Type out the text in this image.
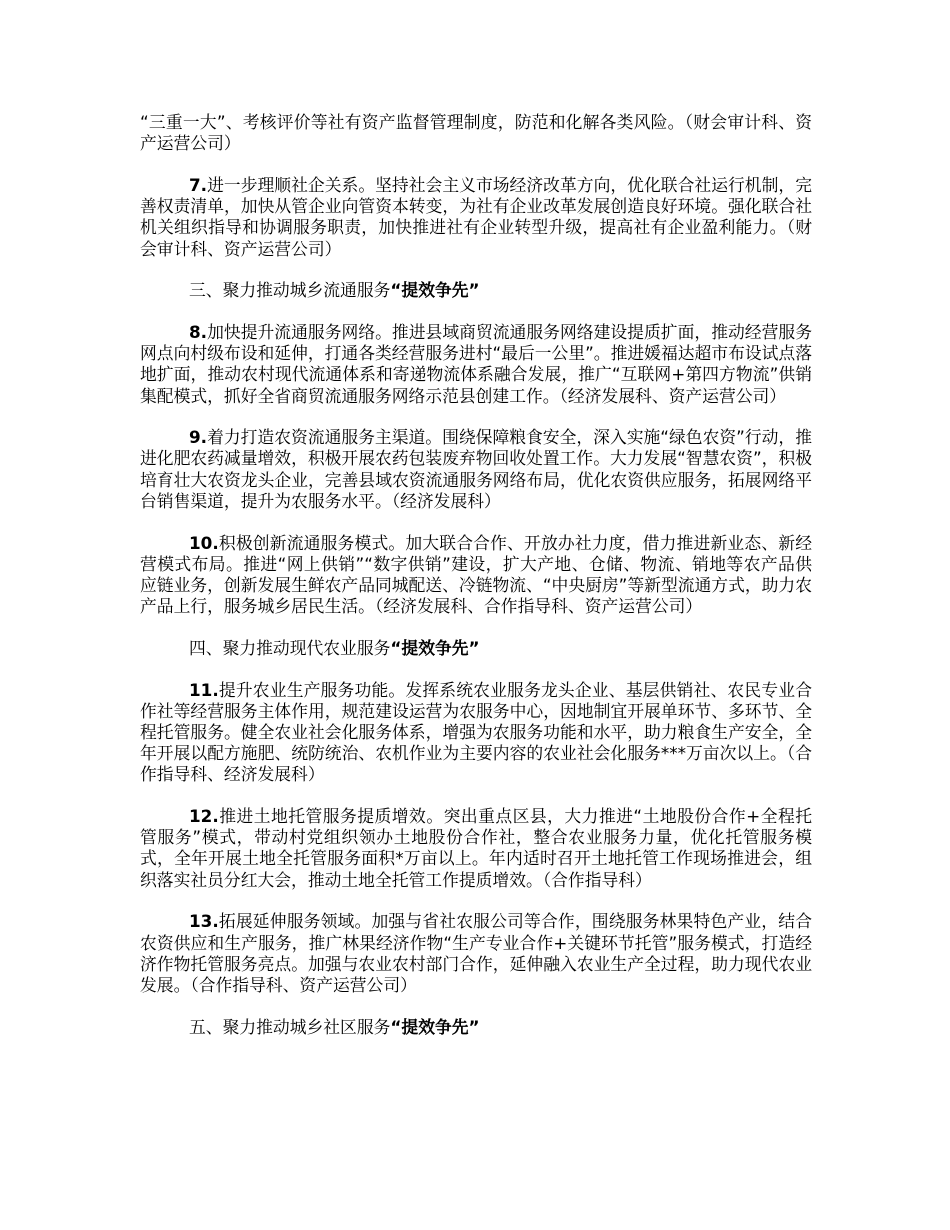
“三重一大”、考核评价等社有资产监督管理制度，防范和化解各类风险。（财会审计科、资产运营公司）

7.进一步理顺社企关系。坚持社会主义市场经济改革方向，优化联合社运行机制，完善权责清单，加快从管企业向管资本转变，为社有企业改革发展创造良好环境。强化联合社机关组织指导和协调服务职责，加快推进社有企业转型升级，提高社有企业盈利能力。（财会审计科、资产运营公司）

三、聚力推动城乡流通服务“提效争先”

8.加快提升流通服务网络。推进县域商贸流通服务网络建设提质扩面，推动经营服务网点向村级布设和延伸，打通各类经营服务进村“最后一公里”。推进媛福达超市布设试点落地扩面，推动农村现代流通体系和寄递物流体系融合发展，推广“互联网+第四方物流”供销集配模式，抓好全省商贸流通服务网络示范县创建工作。（经济发展科、资产运营公司）

9.着力打造农资流通服务主渠道。围绕保障粮食安全，深入实施“绿色农资”行动，推进化肥农药减量增效，积极开展农药包装废弃物回收处置工作。大力发展“智慧农资”，积极培育壮大农资龙头企业，完善县域农资流通服务网络布局，优化农资供应服务，拓展网络平台销售渠道，提升为农服务水平。（经济发展科）

10.积极创新流通服务模式。加大联合合作、开放办社力度，借力推进新业态、新经营模式布局。推进“网上供销”“数字供销”建设，扩大产地、仓储、物流、销地等农产品供应链业务，创新发展生鲜农产品同城配送、冷链物流、“中央厨房”等新型流通方式，助力农产品上行，服务城乡居民生活。（经济发展科、合作指导科、资产运营公司）

四、聚力推动现代农业服务“提效争先”

11.提升农业生产服务功能。发挥系统农业服务龙头企业、基层供销社、农民专业合作社等经营服务主体作用，规范建设运营为农服务中心，因地制宜开展单环节、多环节、全程托管服务。健全农业社会化服务体系，增强为农服务功能和水平，助力粮食生产安全，全年开展以配方施肥、统防统治、农机作业为主要内容的农业社会化服务***万亩次以上。（合作指导科、经济发展科）

12.推进土地托管服务提质增效。突出重点区县，大力推进“土地股份合作+全程托管服务”模式，带动村党组织领办土地股份合作社，整合农业服务力量，优化托管服务模式，全年开展土地全托管服务面积*万亩以上。年内适时召开土地托管工作现场推进会，组织落实社员分红大会，推动土地全托管工作提质增效。（合作指导科）

13.拓展延伸服务领域。加强与省社农服公司等合作，围绕服务林果特色产业，结合农资供应和生产服务，推广林果经济作物“生产专业合作+关键环节托管”服务模式，打造经济作物托管服务亮点。加强与农业农村部门合作，延伸融入农业生产全过程，助力现代农业发展。（合作指导科、资产运营公司）

五、聚力推动城乡社区服务“提效争先”
